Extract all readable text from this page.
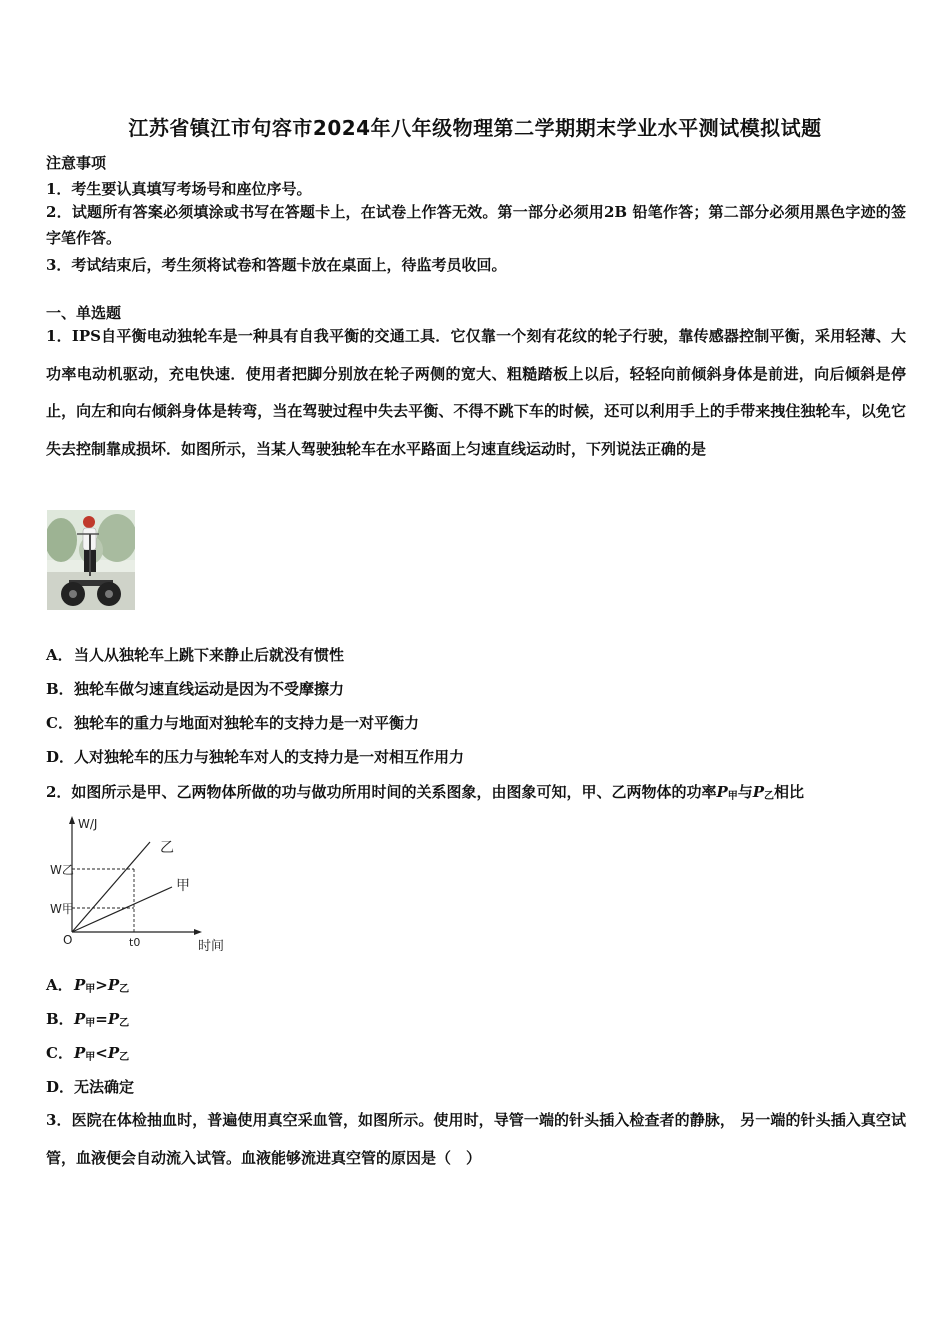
江苏省镇江市句容市2024年八年级物理第二学期期末学业水平测试模拟试题
注意事项
1．考生要认真填写考场号和座位序号。
2．试题所有答案必须填涂或书写在答题卡上，在试卷上作答无效。第一部分必须用2B 铅笔作答；第二部分必须用黑色字迹的签字笔作答。
3．考试结束后，考生须将试卷和答题卡放在桌面上，待监考员收回。
一、单选题
1．IPS自平衡电动独轮车是一种具有自我平衡的交通工具．它仅靠一个刻有花纹的轮子行驶，靠传感器控制平衡，采用轻薄、大功率电动机驱动，充电快速．使用者把脚分别放在轮子两侧的宽大、粗糙踏板上以后，轻轻向前倾斜身体是前进，向后倾斜是停止，向左和向右倾斜身体是转弯，当在驾驶过程中失去平衡、不得不跳下车的时候，还可以利用手上的手带来拽住独轮车，以免它失去控制靠成损坏．如图所示，当某人驾驶独轮车在水平路面上匀速直线运动时，下列说法正确的是
A．当人从独轮车上跳下来静止后就没有惯性
B．独轮车做匀速直线运动是因为不受摩擦力
C．独轮车的重力与地面对独轮车的支持力是一对平衡力
D．人对独轮车的压力与独轮车对人的支持力是一对相互作用力
2．如图所示是甲、乙两物体所做的功与做功所用时间的关系图象，由图象可知，甲、乙两物体的功率$P_甲$与$P_乙$相比
W/J
时间
O	t0
W乙
W甲
乙
甲
A．$P_甲>P_乙$
B．$P_甲=P_乙$
C．$P_甲<P_乙$
D．无法确定
3．医院在体检抽血时，普遍使用真空采血管，如图所示。使用时，导管一端的针头插入检查者的静脉， 另一端的针头插入真空试管，血液便会自动流入试管。血液能够流进真空管的原因是（　）
